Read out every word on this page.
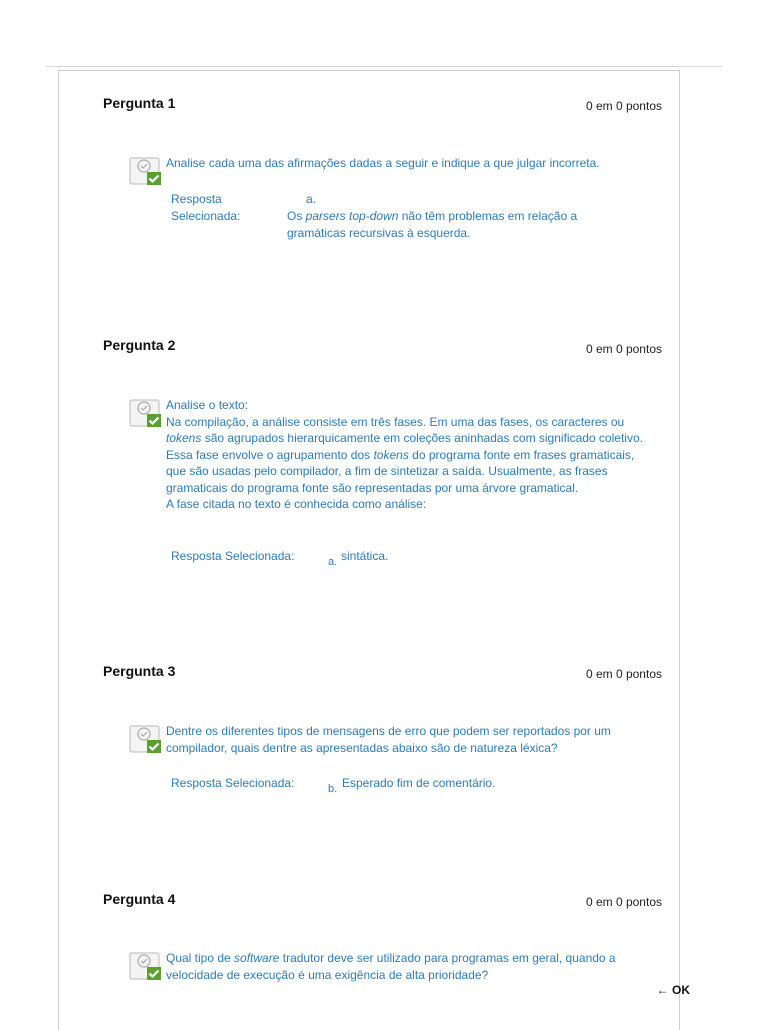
Pergunta 1	0 em 0 pontos

Analise cada uma das afirmações dadas a seguir e indique a que julgar incorreta.

Resposta
Selecionada:
a.
Os parsers top-down não têm problemas em relação a
gramáticas recursivas à esquerda.
Pergunta 2	0 em 0 pontos

Analise o texto:

Na compilação, a análise consiste em três fases. Em uma das fases, os caracteres ou tokens são agrupados hierarquicamente em coleções aninhadas com significado coletivo. Essa fase envolve o agrupamento dos tokens do programa fonte em frases gramaticais, que são usadas pelo compilador, a fim de sintetizar a saída. Usualmente, as frases gramaticais do programa fonte são representadas por uma árvore gramatical.

A fase citada no texto é conhecida como análise:

Resposta Selecionada:	a. sintática.
Pergunta 3	0 em 0 pontos

Dentre os diferentes tipos de mensagens de erro que podem ser reportados por um compilador, quais dentre as apresentadas abaixo são de natureza léxica?

Resposta Selecionada:	b. Esperado fim de comentário.
Pergunta 4	0 em 0 pontos

Qual tipo de software tradutor deve ser utilizado para programas em geral, quando a velocidade de execução é uma exigência de alta prioridade?

← OK
